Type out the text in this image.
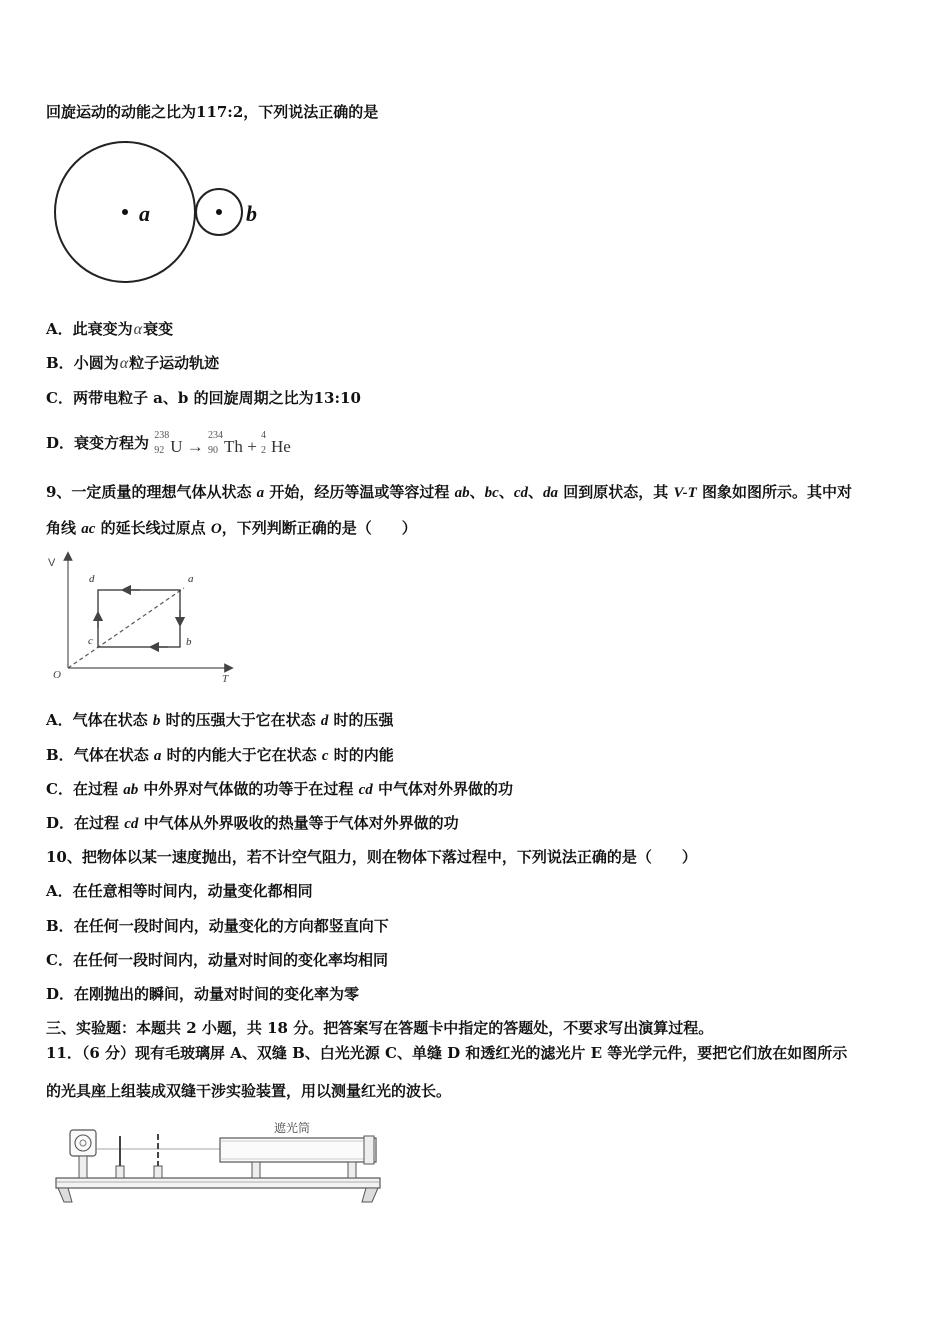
回旋运动的动能之比为117:2，下列说法正确的是
a	b
A．此衰变为α衰变
B．小圆为α粒子运动轨迹
C．两带电粒子 a、b 的回旋周期之比为13:10
D．衰变方程为 238
92 U →
234
90 Th +
4
2 He
9、一定质量的理想气体从状态 a 开始，经历等温或等容过程 ab、bc、cd、da 回到原状态，其 V-T 图象如图所示。其中对
角线 ac 的延长线过原点 O，下列判断正确的是（　　）
V
T
O
a
b
c
d
A．气体在状态 b 时的压强大于它在状态 d 时的压强
B．气体在状态 a 时的内能大于它在状态 c 时的内能
C．在过程 ab 中外界对气体做的功等于在过程 cd 中气体对外界做的功
D．在过程 cd 中气体从外界吸收的热量等于气体对外界做的功
10、把物体以某一速度抛出，若不计空气阻力，则在物体下落过程中，下列说法正确的是（　　）
A．在任意相等时间内，动量变化都相同
B．在任何一段时间内，动量变化的方向都竖直向下
C．在任何一段时间内，动量对时间的变化率均相同
D．在刚抛出的瞬间，动量对时间的变化率为零
三、实验题：本题共 2 小题，共 18 分。把答案写在答题卡中指定的答题处，不要求写出演算过程。
11．（6 分）现有毛玻璃屏 A、双缝 B、白光光源 C、单缝 D 和透红光的滤光片 E 等光学元件，要把它们放在如图所示
的光具座上组装成双缝干涉实验装置，用以测量红光的波长。
遮光筒
